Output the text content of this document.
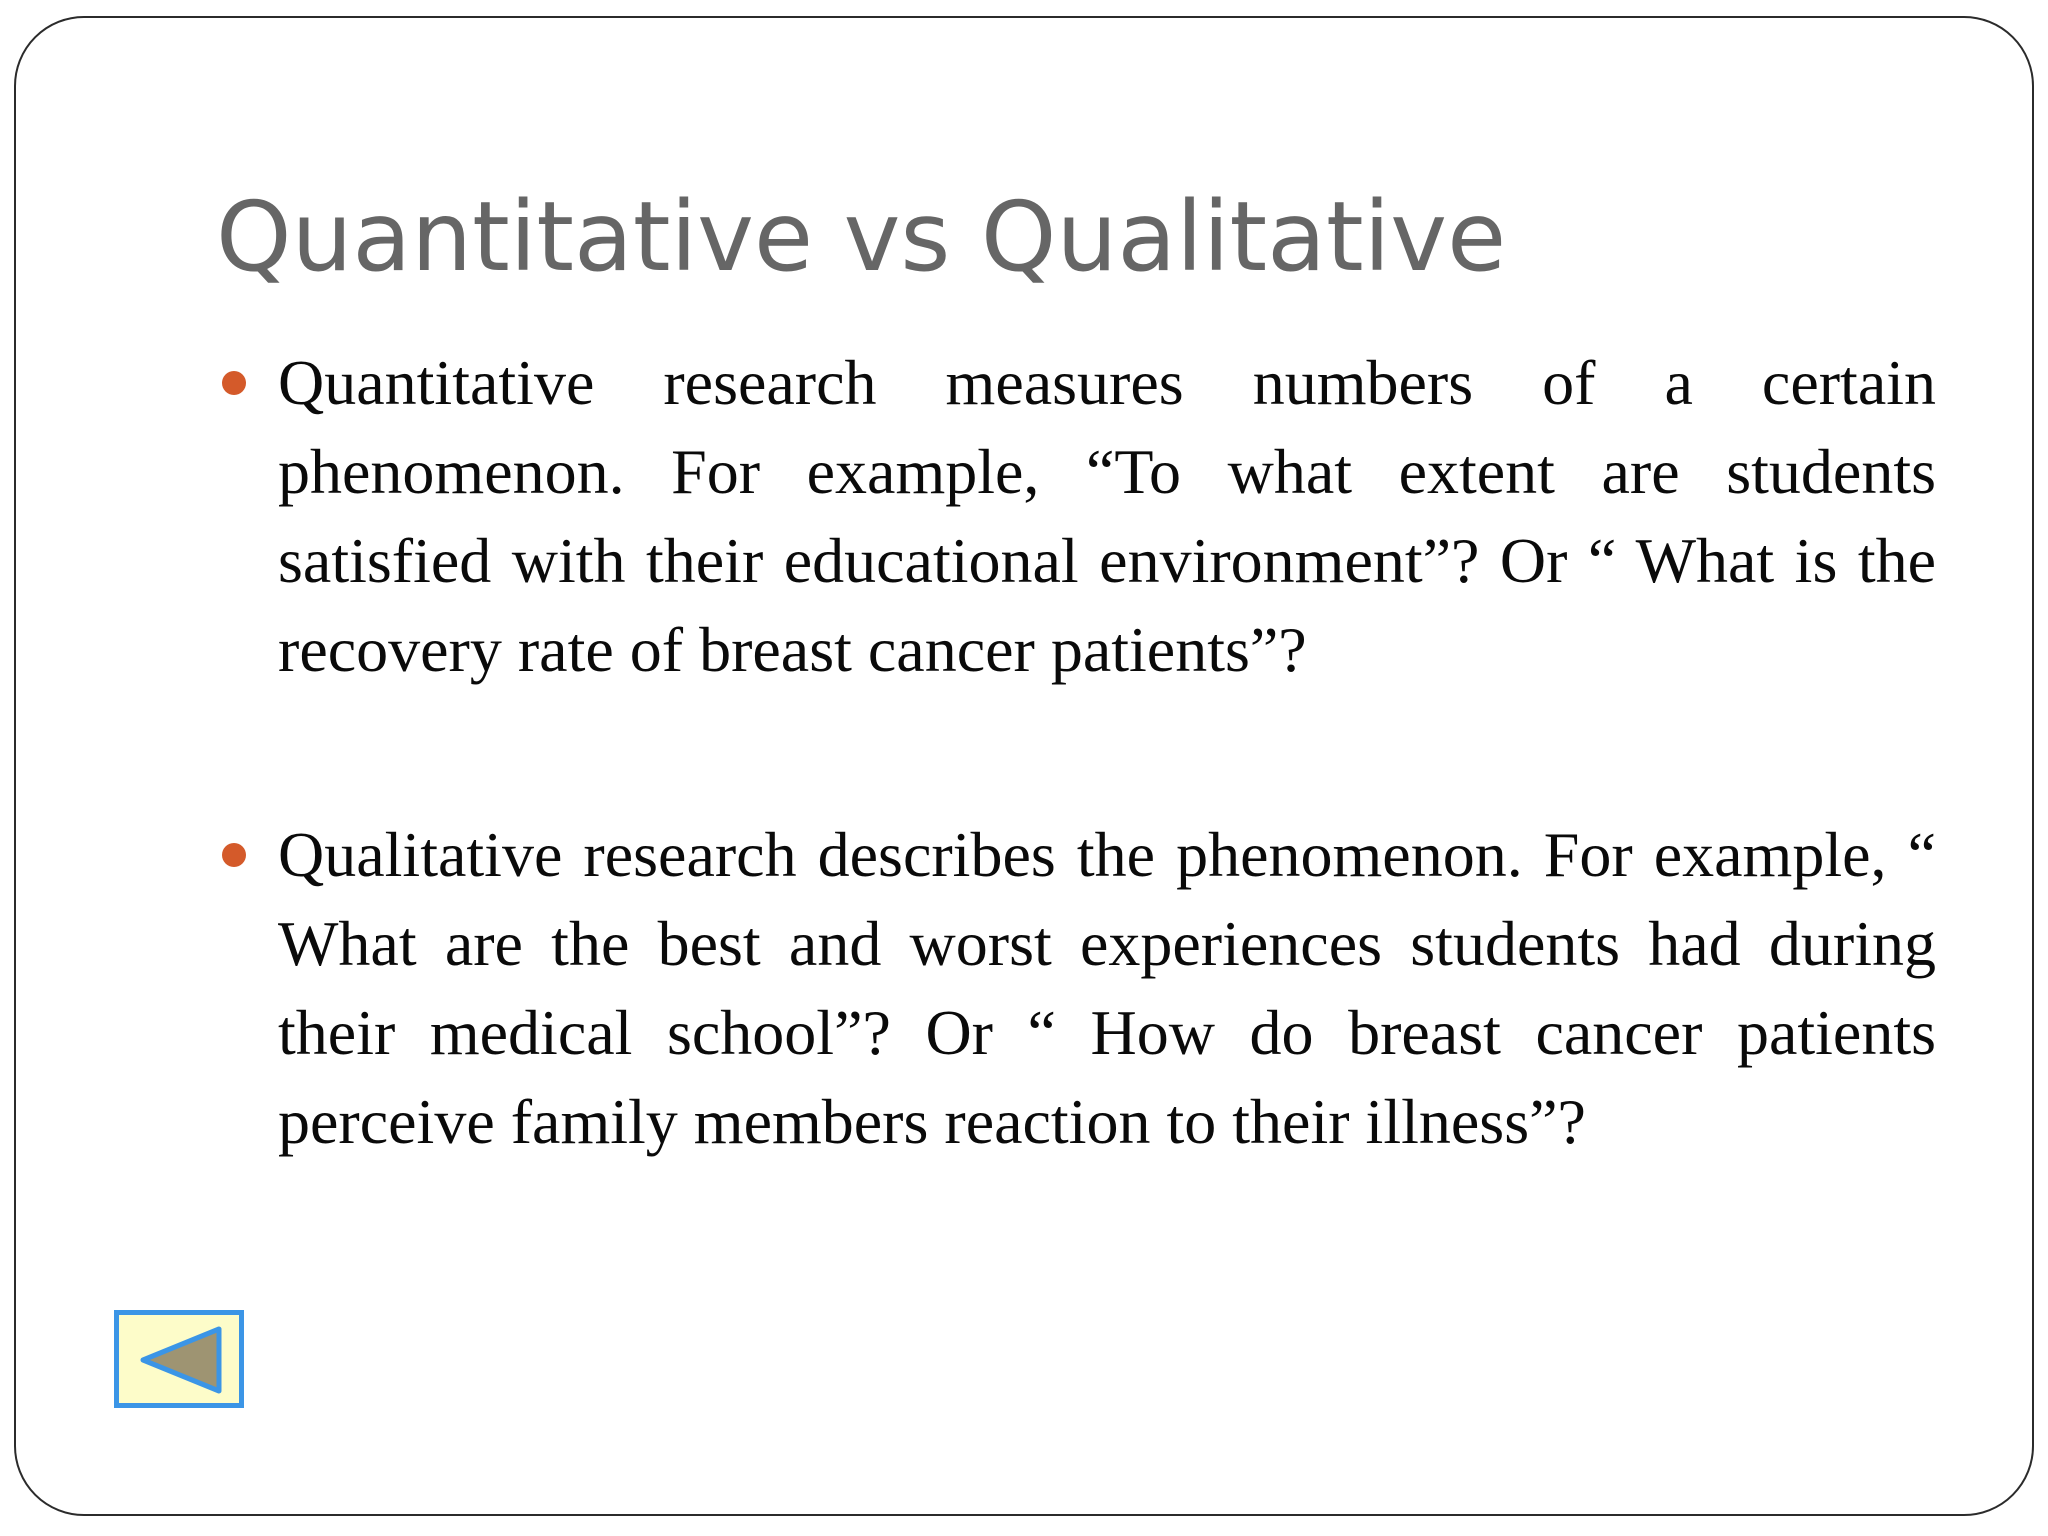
Quantitative vs Qualitative
Quantitative research measures numbers of a certain phenomenon. For example, “To what extent are students satisfied with their educational environment”? Or “ What is the recovery rate of breast cancer patients”?
Qualitative research describes the phenomenon. For example, “ What are the best and worst experiences students had during their medical school”? Or “ How do breast cancer patients perceive family members reaction to their illness”?
